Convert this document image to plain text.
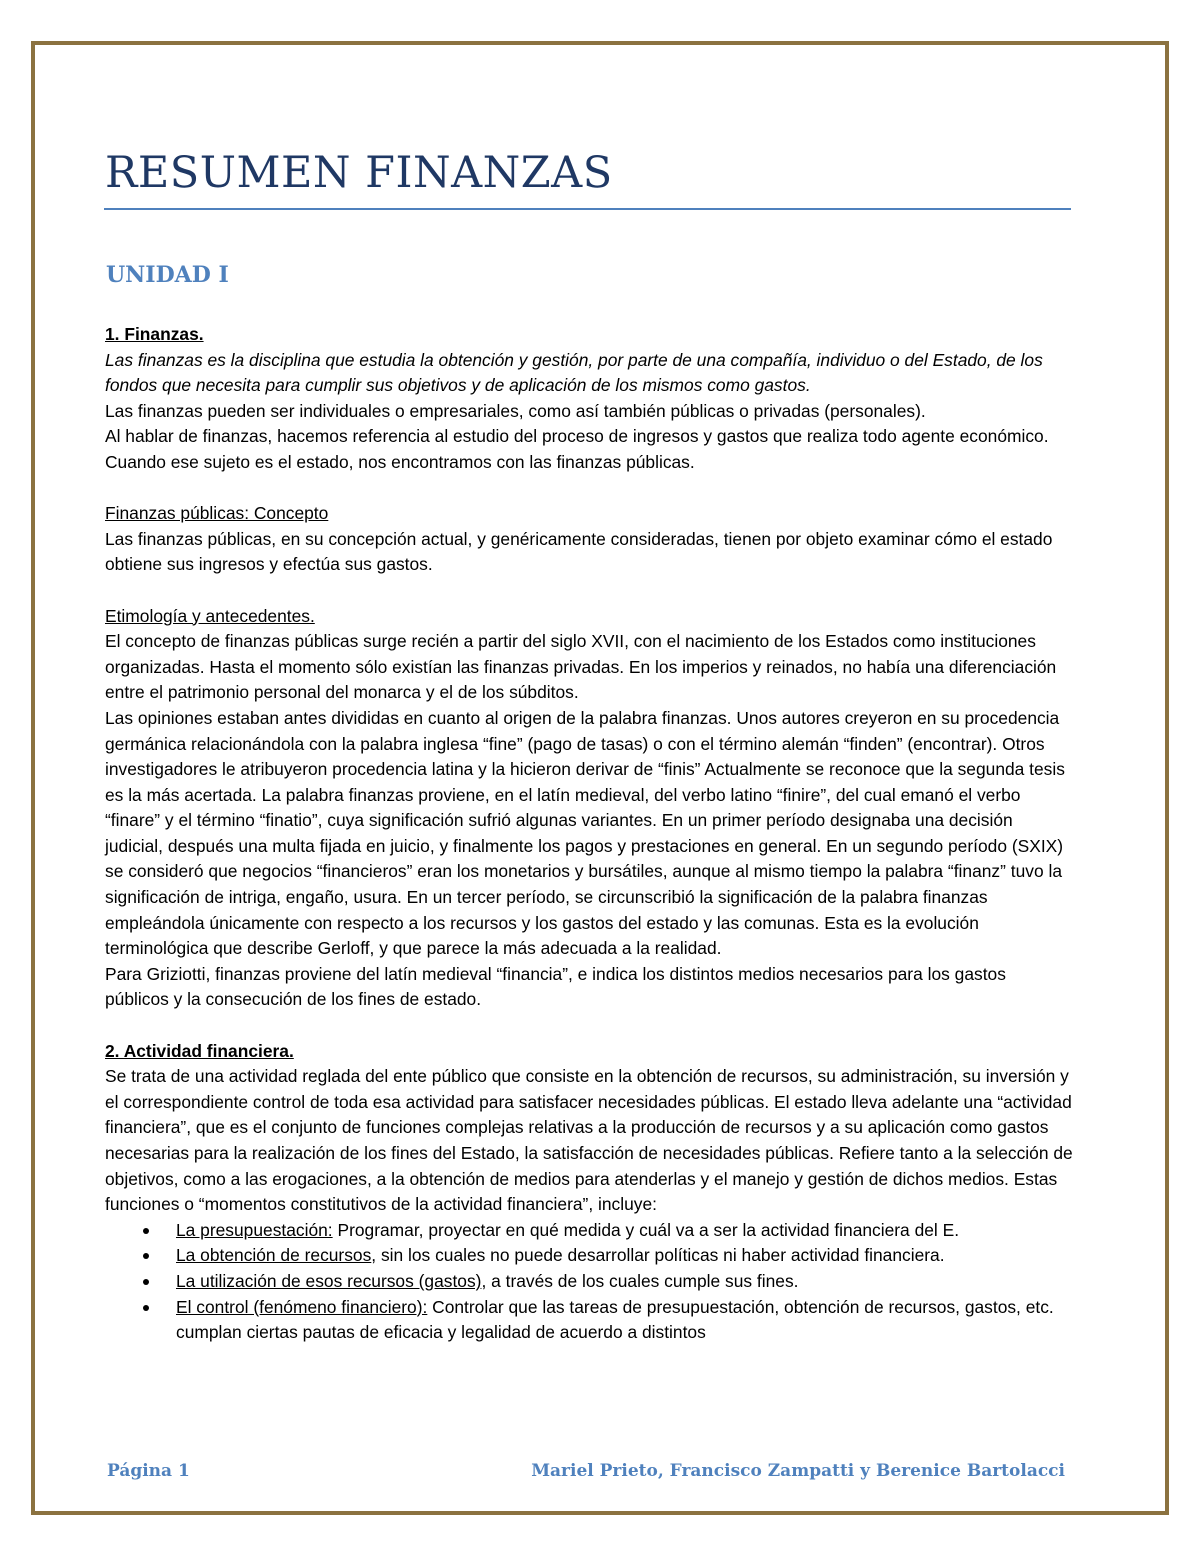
RESUMEN FINANZAS
UNIDAD I

1. Finanzas.

Las finanzas es la disciplina que estudia la obtención y gestión, por parte de una compañía, individuo o del Estado, de los fondos que necesita para cumplir sus objetivos y de aplicación de los mismos como gastos.

Las finanzas pueden ser individuales o empresariales, como así también públicas o privadas (personales).

Al hablar de finanzas, hacemos referencia al estudio del proceso de ingresos y gastos que realiza todo agente económico. Cuando ese sujeto es el estado, nos encontramos con las finanzas públicas.

Finanzas públicas: Concepto

Las finanzas públicas, en su concepción actual, y genéricamente consideradas, tienen por objeto examinar cómo el estado obtiene sus ingresos y efectúa sus gastos.

Etimología y antecedentes.

El concepto de finanzas públicas surge recién a partir del siglo XVII, con el nacimiento de los Estados como instituciones organizadas. Hasta el momento sólo existían las finanzas privadas. En los imperios y reinados, no había una diferenciación entre el patrimonio personal del monarca y el de los súbditos.

Las opiniones estaban antes divididas en cuanto al origen de la palabra finanzas. Unos autores creyeron en su procedencia germánica relacionándola con la palabra inglesa “fine” (pago de tasas) o con el término alemán “finden” (encontrar). Otros investigadores le atribuyeron procedencia latina y la hicieron derivar de “finis” Actualmente se reconoce que la segunda tesis es la más acertada. La palabra finanzas proviene, en el latín medieval, del verbo latino “finire”, del cual emanó el verbo “finare” y el término “finatio”, cuya significación sufrió algunas variantes. En un primer período designaba una decisión judicial, después una multa fijada en juicio, y finalmente los pagos y prestaciones en general. En un segundo período (SXIX) se consideró que negocios “financieros” eran los monetarios y bursátiles, aunque al mismo tiempo la palabra “finanz” tuvo la significación de intriga, engaño, usura. En un tercer período, se circunscribió la significación de la palabra finanzas empleándola únicamente con respecto a los recursos y los gastos del estado y las comunas. Esta es la evolución terminológica que describe Gerloff, y que parece la más adecuada a la realidad.

Para Griziotti, finanzas proviene del latín medieval “financia”, e indica los distintos medios necesarios para los gastos públicos y la consecución de los fines de estado.

2. Actividad financiera.

Se trata de una actividad reglada del ente público que consiste en la obtención de recursos, su administración, su inversión y el correspondiente control de toda esa actividad para satisfacer necesidades públicas. El estado lleva adelante una “actividad financiera”, que es el conjunto de funciones complejas relativas a la producción de recursos y a su aplicación como gastos necesarias para la realización de los fines del Estado, la satisfacción de necesidades públicas. Refiere tanto a la selección de objetivos, como a las erogaciones, a la obtención de medios para atenderlas y el manejo y gestión de dichos medios. Estas funciones o “momentos constitutivos de la actividad financiera”, incluye:

La presupuestación: Programar, proyectar en qué medida y cuál va a ser la actividad financiera del E.
La obtención de recursos, sin los cuales no puede desarrollar políticas ni haber actividad financiera.
La utilización de esos recursos (gastos), a través de los cuales cumple sus fines.
El control (fenómeno financiero): Controlar que las tareas de presupuestación, obtención de recursos, gastos, etc. cumplan ciertas pautas de eficacia y legalidad de acuerdo a distintos
Página 1	Mariel Prieto, Francisco Zampatti y Berenice Bartolacci
